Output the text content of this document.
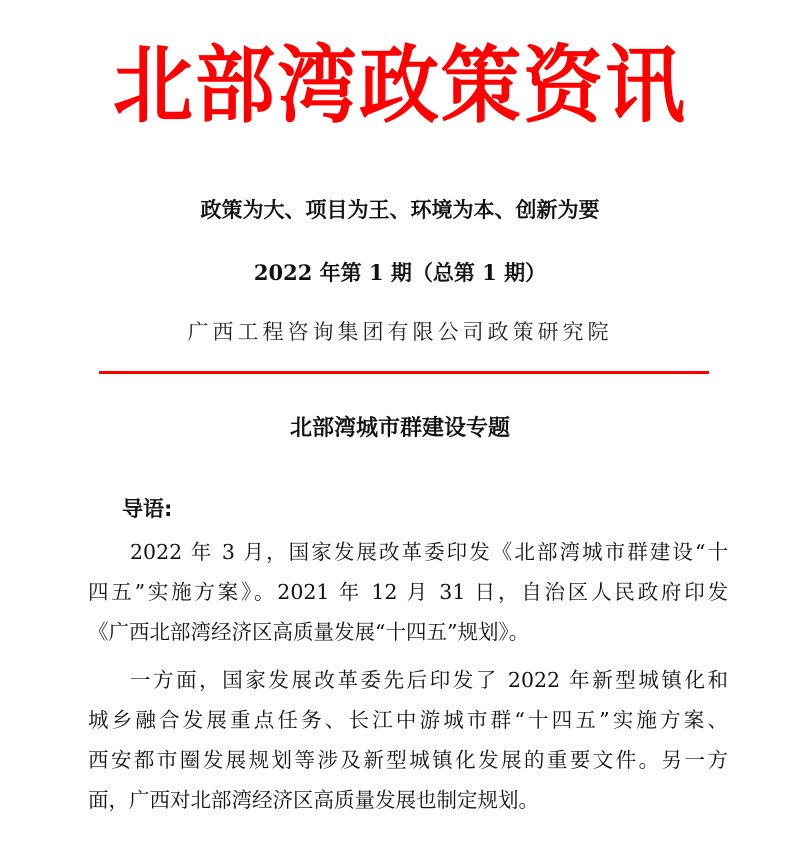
北部湾政策资讯
政策为大、项目为王、环境为本、创新为要
2022 年第 1 期（总第 1 期）
广西工程咨询集团有限公司政策研究院
北部湾城市群建设专题
导语:
2022 年 3 月，国家发展改革委印发《北部湾城市群建设“十
四五”实施方案》。2021 年 12 月 31 日，自治区人民政府印发
《广西北部湾经济区高质量发展“十四五”规划》。
一方面，国家发展改革委先后印发了 2022 年新型城镇化和
城乡融合发展重点任务、长江中游城市群“十四五”实施方案、
西安都市圈发展规划等涉及新型城镇化发展的重要文件。另一方
面，广西对北部湾经济区高质量发展也制定规划。
